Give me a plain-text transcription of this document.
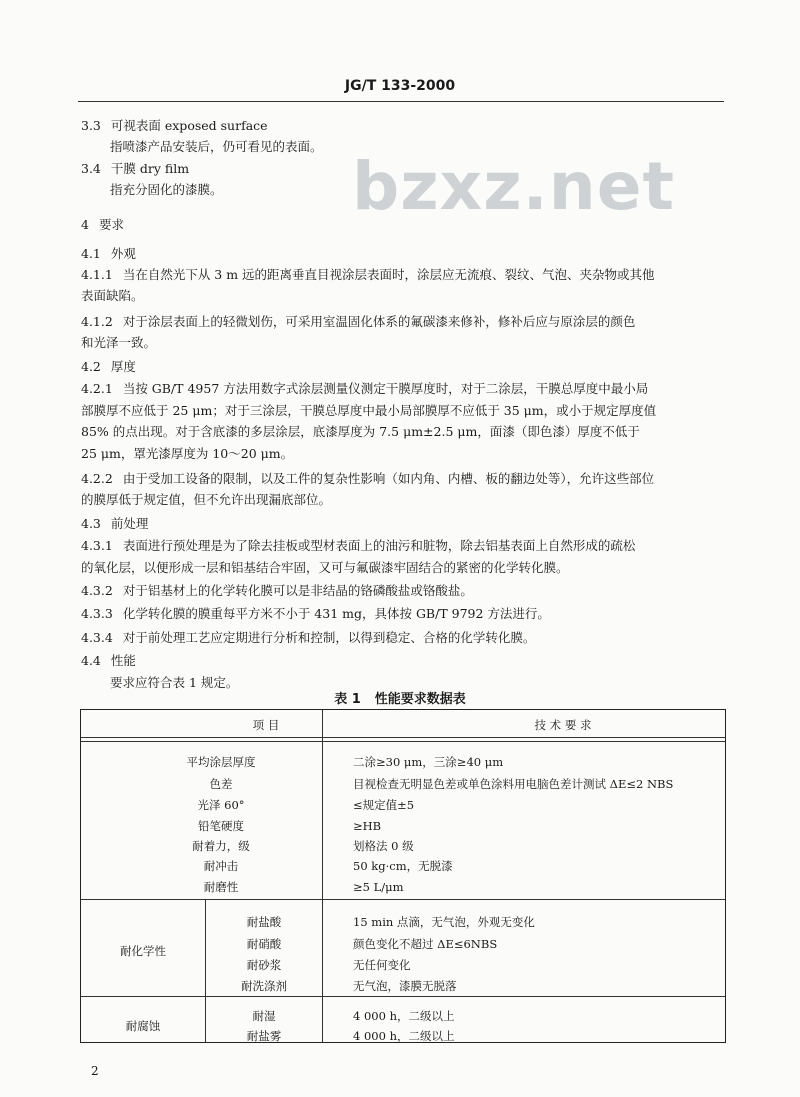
JG/T 133-2000
bzxz.net
3.3 可视表面 exposed surface
指喷漆产品安装后，仍可看见的表面。
3.4 干膜 dry film
指充分固化的漆膜。
4 要求
4.1 外观
4.1.1 当在自然光下从 3 m 远的距离垂直目视涂层表面时，涂层应无流痕、裂纹、气泡、夹杂物或其他
表面缺陷。
4.1.2 对于涂层表面上的轻微划伤，可采用室温固化体系的氟碳漆来修补，修补后应与原涂层的颜色
和光泽一致。
4.2 厚度
4.2.1 当按 GB/T 4957 方法用数字式涂层测量仪测定干膜厚度时，对于二涂层，干膜总厚度中最小局
部膜厚不应低于 25 μm；对于三涂层，干膜总厚度中最小局部膜厚不应低于 35 μm，或小于规定厚度值
85% 的点出现。对于含底漆的多层涂层，底漆厚度为 7.5 μm±2.5 μm，面漆（即色漆）厚度不低于
25 μm，罩光漆厚度为 10～20 μm。
4.2.2 由于受加工设备的限制，以及工件的复杂性影响（如内角、内槽、板的翻边处等），允许这些部位
的膜厚低于规定值，但不允许出现漏底部位。
4.3 前处理
4.3.1 表面进行预处理是为了除去挂板或型材表面上的油污和脏物，除去铝基表面上自然形成的疏松
的氧化层，以便形成一层和铝基结合牢固，又可与氟碳漆牢固结合的紧密的化学转化膜。
4.3.2 对于铝基材上的化学转化膜可以是非结晶的铬磷酸盐或铬酸盐。
4.3.3 化学转化膜的膜重每平方米不小于 431 mg，具体按 GB/T 9792 方法进行。
4.3.4 对于前处理工艺应定期进行分析和控制，以得到稳定、合格的化学转化膜。
4.4 性能
要求应符合表 1 规定。
表 1 性能要求数据表
项 目	技 术 要 求
平均涂层厚度	二涂≥30 μm，三涂≥40 μm
色差	目视检查无明显色差或单色涂料用电脑色差计测试 ΔE≤2 NBS
光泽 60°	≤规定值±5
铅笔硬度	≥HB
耐着力，级	划格法 0 级
耐冲击	50 kg·cm，无脱漆
耐磨性	≥5 L/μm
耐化学性
耐盐酸	15 min 点滴，无气泡，外观无变化
耐硝酸	颜色变化不超过 ΔE≤6NBS
耐砂浆	无任何变化
耐洗涤剂	无气泡，漆膜无脱落
耐腐蚀
耐湿	4 000 h，二级以上
耐盐雾	4 000 h，二级以上
2
